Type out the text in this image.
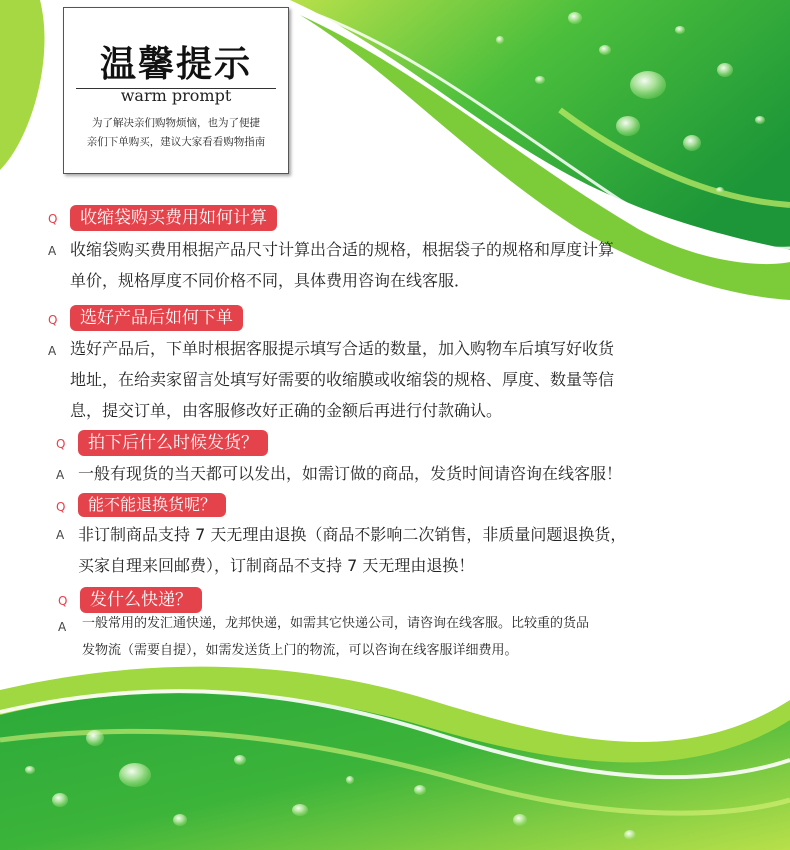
温馨提示
warm prompt
为了解决亲们购物烦恼，也为了便捷
亲们下单购买，建议大家看看购物指南
Q	收缩袋购买费用如何计算
A 收缩袋购买费用根据产品尺寸计算出合适的规格，根据袋子的规格和厚度计算
单价，规格厚度不同价格不同，具体费用咨询在线客服．
Q	选好产品后如何下单
A 选好产品后，下单时根据客服提示填写合适的数量，加入购物车后填写好收货
地址，在给卖家留言处填写好需要的收缩膜或收缩袋的规格、厚度、数量等信
息，提交订单，由客服修改好正确的金额后再进行付款确认。
Q	拍下后什么时候发货？
A 一般有现货的当天都可以发出，如需订做的商品，发货时间请咨询在线客服！
Q	能不能退换货呢？
A 非订制商品支持 7 天无理由退换（商品不影响二次销售，非质量问题退换货，
买家自理来回邮费），订制商品不支持 7 天无理由退换！
Q	发什么快递？
A 一般常用的发汇通快递，龙邦快递，如需其它快递公司，请咨询在线客服。比较重的货品
发物流（需要自提），如需发送货上门的物流，可以咨询在线客服详细费用。
